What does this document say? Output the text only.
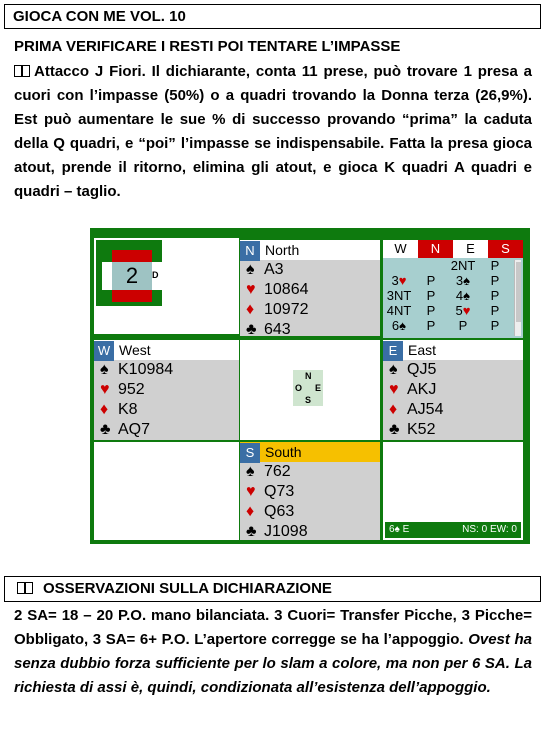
GIOCA CON ME VOL. 10
PRIMA VERIFICARE I RESTI POI TENTARE L’IMPASSE
Attacco J Fiori. Il dichiarante, conta 11 prese, può trovare 1 presa a cuori con l’impasse (50%) o a quadri trovando la Donna terza (26,9%). Est può aumentare le sue % di successo provando “prima” la caduta della Q quadri, e “poi” l’impasse se indispensabile. Fatta la presa gioca atout, prende il ritorno, elimina gli atout, e gioca K quadri A quadri e quadri – taglio.
2	D
N North
♠ A3
♥ 10864
♦ 10972
♣ 643
W	N	E	S
		2NT	P
3♥	P	3♠	P
3NT	P	4♠	P
4NT	P	5♥	P
6♠	P	P	P
W West
♠ K10984
♥ 952
♦ K8
♣ AQ7
N
O E
S
E East
♠ QJ5
♥ AKJ
♦ AJ54
♣ K52
S South
♠ 762
♥ Q73
♦ Q63
♣ J1098	6♠ E	NS: 0 EW: 0
OSSERVAZIONI SULLA DICHIARAZIONE
2 SA= 18 – 20 P.O. mano bilanciata. 3 Cuori= Transfer Picche, 3 Picche= Obbligato, 3 SA= 6+ P.O. L’apertore corregge se ha l’appoggio. Ovest ha senza dubbio forza sufficiente per lo slam a colore, ma non per 6 SA. La richiesta di assi è, quindi, condizionata all’esistenza dell’appoggio.
